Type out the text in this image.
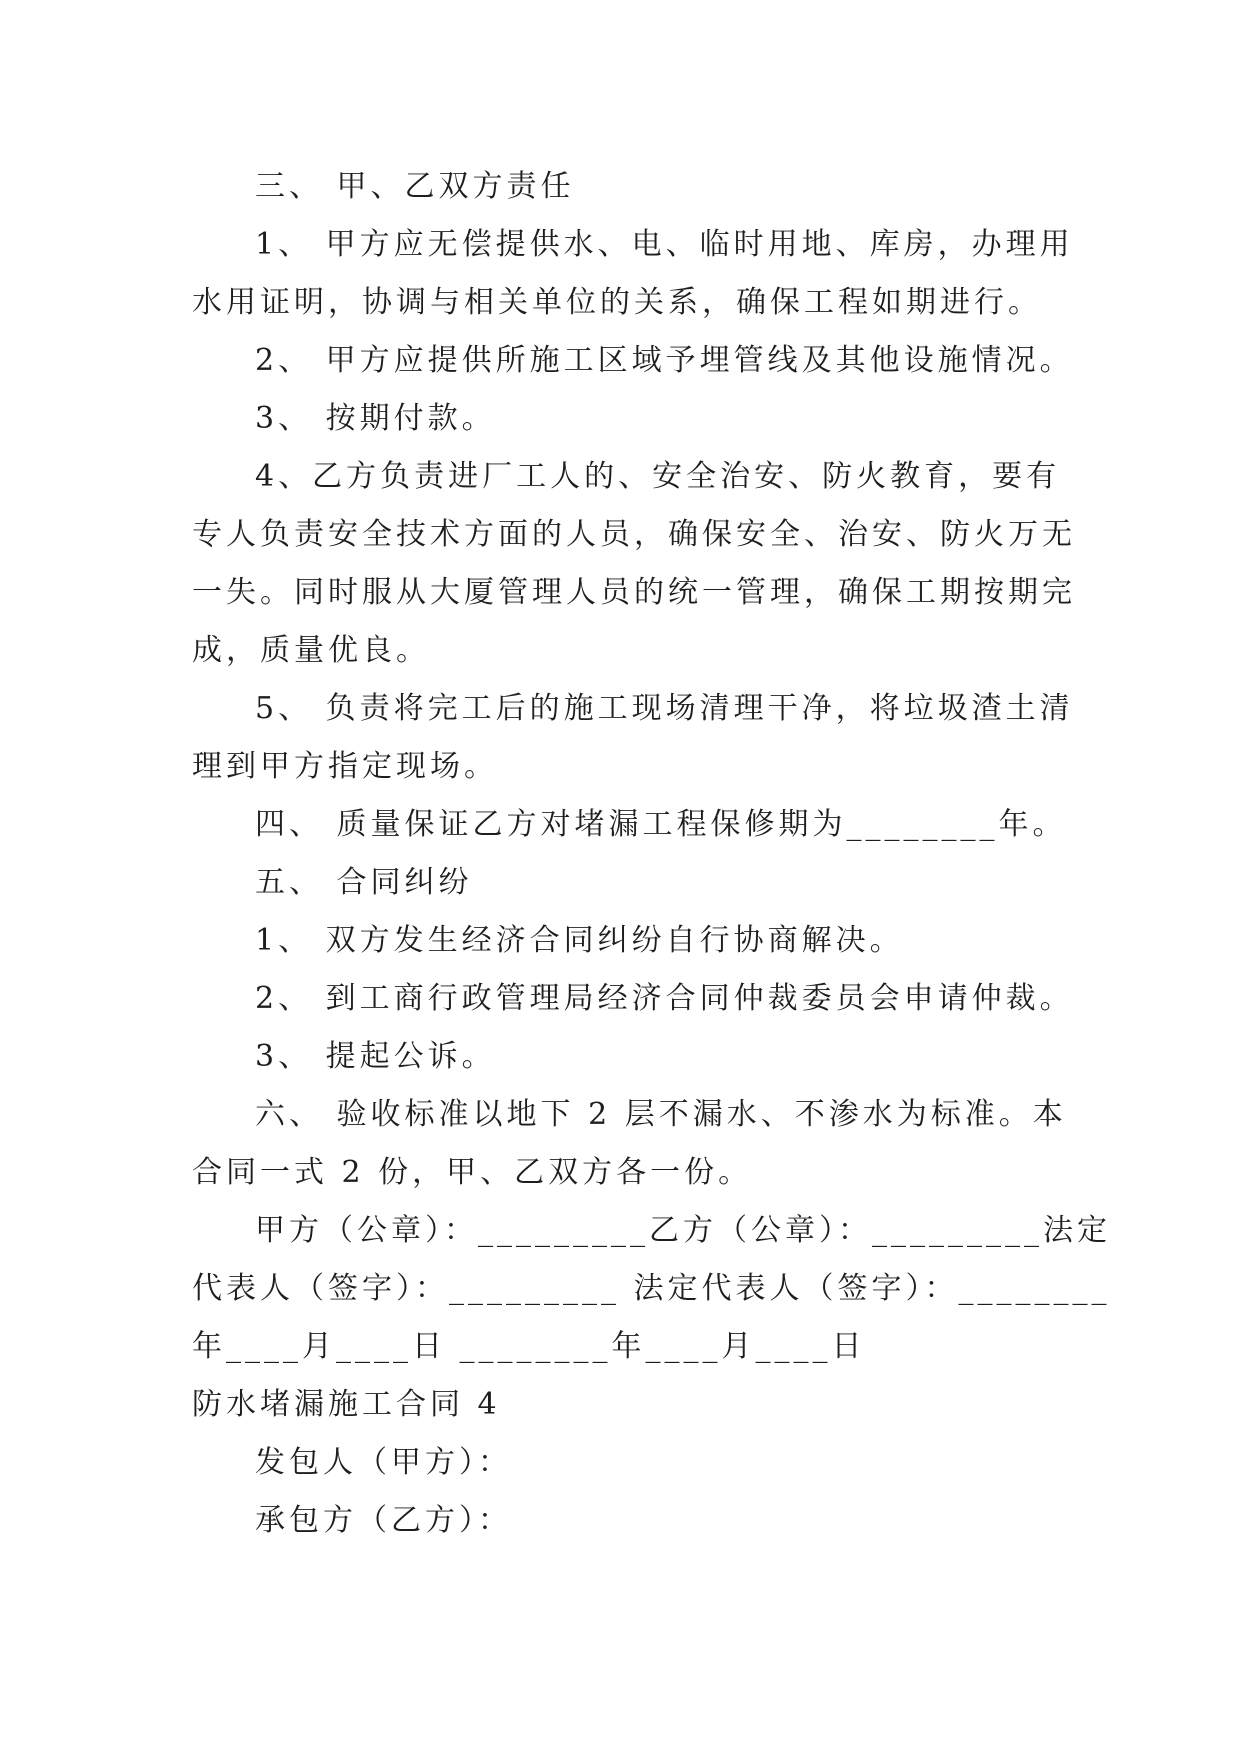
三、 甲、乙双方责任
1、 甲方应无偿提供水、电、临时用地、库房，办理用
水用证明，协调与相关单位的关系，确保工程如期进行。
2、 甲方应提供所施工区域予埋管线及其他设施情况。
3、 按期付款。
4、乙方负责进厂工人的、安全治安、防火教育，要有
专人负责安全技术方面的人员，确保安全、治安、防火万无
一失。同时服从大厦管理人员的统一管理，确保工期按期完
成，质量优良。
5、 负责将完工后的施工现场清理干净，将垃圾渣土清
理到甲方指定现场。
四、 质量保证乙方对堵漏工程保修期为________年。
五、 合同纠纷
1、 双方发生经济合同纠纷自行协商解决。
2、 到工商行政管理局经济合同仲裁委员会申请仲裁。
3、 提起公诉。
六、 验收标准以地下 2 层不漏水、不渗水为标准。本
合同一式 2 份，甲、乙双方各一份。
甲方（公章）：_________乙方（公章）：_________法定
代表人（签字）：_________ 法定代表人（签字）：________
年____月____日 ________年____月____日
防水堵漏施工合同 4
发包人（甲方）：
承包方（乙方）：
